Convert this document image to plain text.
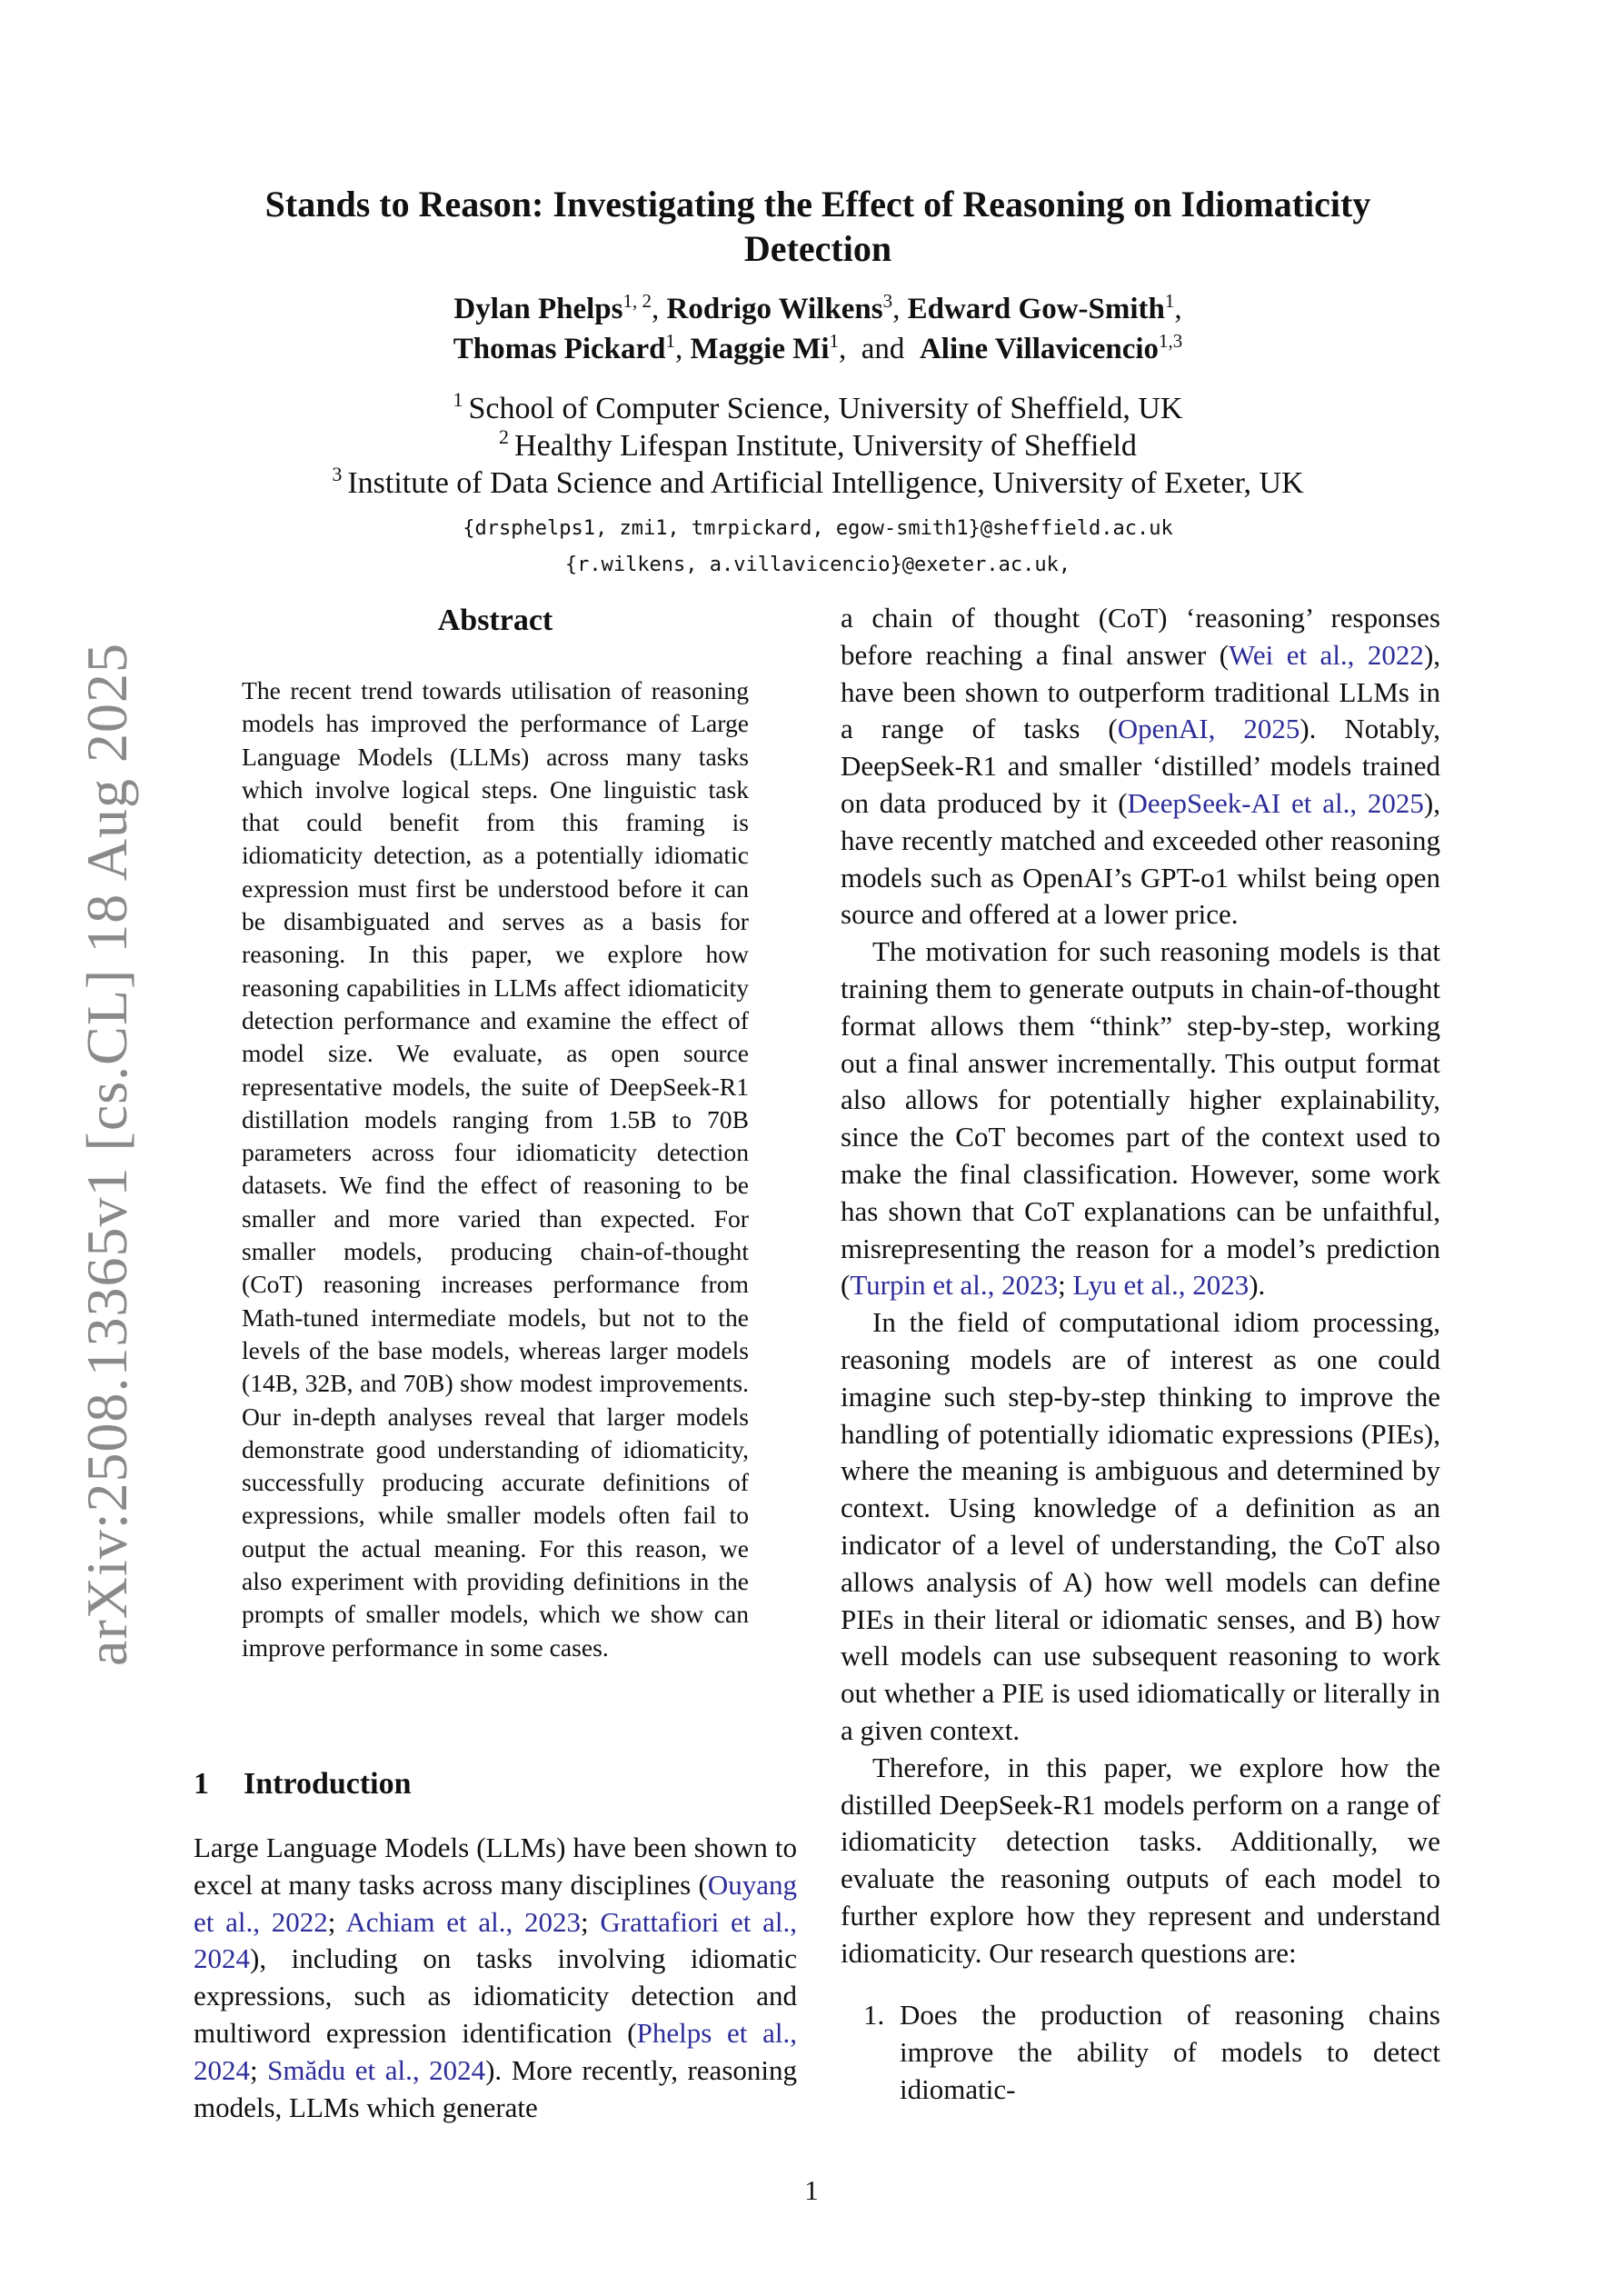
arXiv:2508.13365v1 [cs.CL] 18 Aug 2025
Stands to Reason: Investigating the Effect of Reasoning on Idiomaticity Detection
Dylan Phelps$^{1, 2}$, Rodrigo Wilkens$^3$, Edward Gow-Smith$^1$,
Thomas Pickard$^1$, Maggie Mi$^1$,  and Aline Villavicencio$^{1,3}$
$^1$ School of Computer Science, University of Sheffield, UK
$^2$ Healthy Lifespan Institute, University of Sheffield
$^3$ Institute of Data Science and Artificial Intelligence, University of Exeter, UK
{drsphelps1, zmi1, tmrpickard, egow-smith1}@sheffield.ac.uk
{r.wilkens, a.villavicencio}@exeter.ac.uk,
Abstract
The recent trend towards utilisation of reasoning models has improved the performance of Large Language Models (LLMs) across many tasks which involve logical steps. One linguistic task that could benefit from this framing is idiomaticity detection, as a potentially idiomatic expression must first be understood before it can be disambiguated and serves as a basis for reasoning. In this paper, we explore how reasoning capabilities in LLMs affect idiomaticity detection performance and examine the effect of model size. We evaluate, as open source representative models, the suite of DeepSeek-R1 distillation models ranging from 1.5B to 70B parameters across four idiomaticity detection datasets. We find the effect of reasoning to be smaller and more varied than expected. For smaller models, producing chain-of-thought (CoT) reasoning increases performance from Math-tuned intermediate models, but not to the levels of the base models, whereas larger models (14B, 32B, and 70B) show modest improvements. Our in-depth analyses reveal that larger models demonstrate good understanding of idiomaticity, successfully producing accurate definitions of expressions, while smaller models often fail to output the actual meaning. For this reason, we also experiment with providing definitions in the prompts of smaller models, which we show can improve performance in some cases.
1 Introduction
Large Language Models (LLMs) have been shown to excel at many tasks across many disciplines (Ouyang et al., 2022; Achiam et al., 2023; Grattafiori et al., 2024), including on tasks involving idiomatic expressions, such as idiomaticity detection and multiword expression identification (Phelps et al., 2024; Smădu et al., 2024). More recently, reasoning models, LLMs which generate

a chain of thought (CoT) ‘reasoning’ responses before reaching a final answer (Wei et al., 2022), have been shown to outperform traditional LLMs in a range of tasks (OpenAI, 2025). Notably, DeepSeek-R1 and smaller ‘distilled’ models trained on data produced by it (DeepSeek-AI et al., 2025), have recently matched and exceeded other reasoning models such as OpenAI’s GPT-o1 whilst being open source and offered at a lower price.

The motivation for such reasoning models is that training them to generate outputs in chain-of-thought format allows them “think” step-by-step, working out a final answer incrementally. This output format also allows for potentially higher explainability, since the CoT becomes part of the context used to make the final classification. However, some work has shown that CoT explanations can be unfaithful, misrepresenting the reason for a model’s prediction (Turpin et al., 2023; Lyu et al., 2023).

In the field of computational idiom processing, reasoning models are of interest as one could imagine such step-by-step thinking to improve the handling of potentially idiomatic expressions (PIEs), where the meaning is ambiguous and determined by context. Using knowledge of a definition as an indicator of a level of understanding, the CoT also allows analysis of A) how well models can define PIEs in their literal or idiomatic senses, and B) how well models can use subsequent reasoning to work out whether a PIE is used idiomatically or literally in a given context.

Therefore, in this paper, we explore how the distilled DeepSeek-R1 models perform on a range of idiomaticity detection tasks. Additionally, we evaluate the reasoning outputs of each model to further explore how they represent and understand idiomaticity. Our research questions are:

1. Does the production of reasoning chains improve the ability of models to detect idiomatic-
1
